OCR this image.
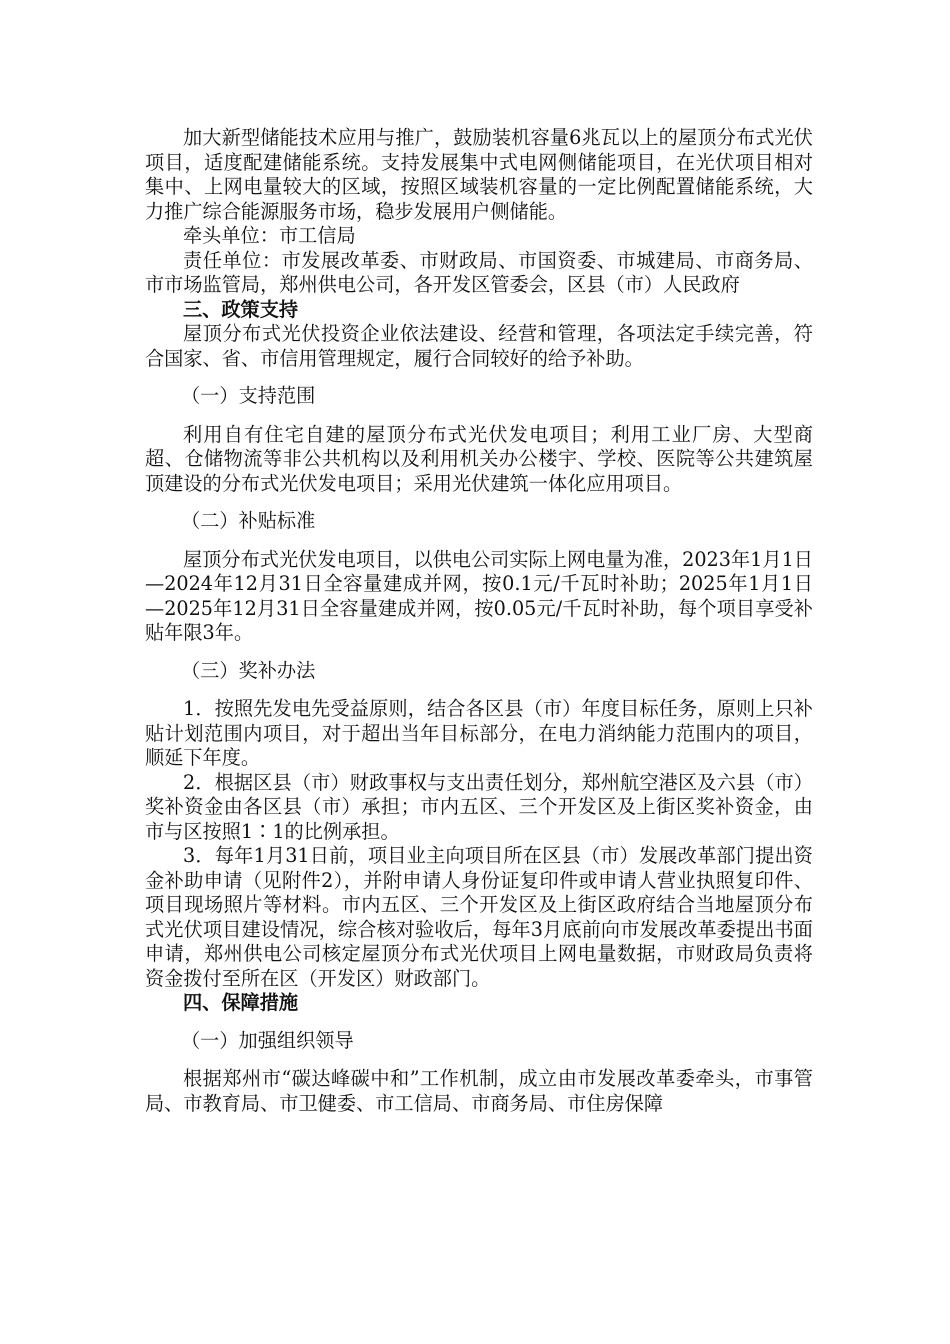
加大新型储能技术应用与推广，鼓励装机容量6兆瓦以上的屋顶分布式光伏项目，适度配建储能系统。支持发展集中式电网侧储能项目，在光伏项目相对集中、上网电量较大的区域，按照区域装机容量的一定比例配置储能系统，大力推广综合能源服务市场，稳步发展用户侧储能。

牵头单位：市工信局

责任单位：市发展改革委、市财政局、市国资委、市城建局、市商务局、市市场监管局，郑州供电公司，各开发区管委会，区县（市）人民政府

三、政策支持

屋顶分布式光伏投资企业依法建设、经营和管理，各项法定手续完善，符合国家、省、市信用管理规定，履行合同较好的给予补助。

（一）支持范围

利用自有住宅自建的屋顶分布式光伏发电项目；利用工业厂房、大型商超、仓储物流等非公共机构以及利用机关办公楼宇、学校、医院等公共建筑屋顶建设的分布式光伏发电项目；采用光伏建筑一体化应用项目。

（二）补贴标准

屋顶分布式光伏发电项目，以供电公司实际上网电量为准，2023年1月1日—2024年12月31日全容量建成并网，按0.1元/千瓦时补助；2025年1月1日—2025年12月31日全容量建成并网，按0.05元/千瓦时补助，每个项目享受补贴年限3年。

（三）奖补办法

1．按照先发电先受益原则，结合各区县（市）年度目标任务，原则上只补贴计划范围内项目，对于超出当年目标部分，在电力消纳能力范围内的项目，顺延下年度。

2．根据区县（市）财政事权与支出责任划分，郑州航空港区及六县（市）奖补资金由各区县（市）承担；市内五区、三个开发区及上街区奖补资金，由市与区按照1∶1的比例承担。

3．每年1月31日前，项目业主向项目所在区县（市）发展改革部门提出资金补助申请（见附件2），并附申请人身份证复印件或申请人营业执照复印件、项目现场照片等材料。市内五区、三个开发区及上街区政府结合当地屋顶分布式光伏项目建设情况，综合核对验收后，每年3月底前向市发展改革委提出书面申请，郑州供电公司核定屋顶分布式光伏项目上网电量数据，市财政局负责将资金拨付至所在区（开发区）财政部门。

四、保障措施

（一）加强组织领导

根据郑州市“碳达峰碳中和”工作机制，成立由市发展改革委牵头，市事管局、市教育局、市卫健委、市工信局、市商务局、市住房保障
